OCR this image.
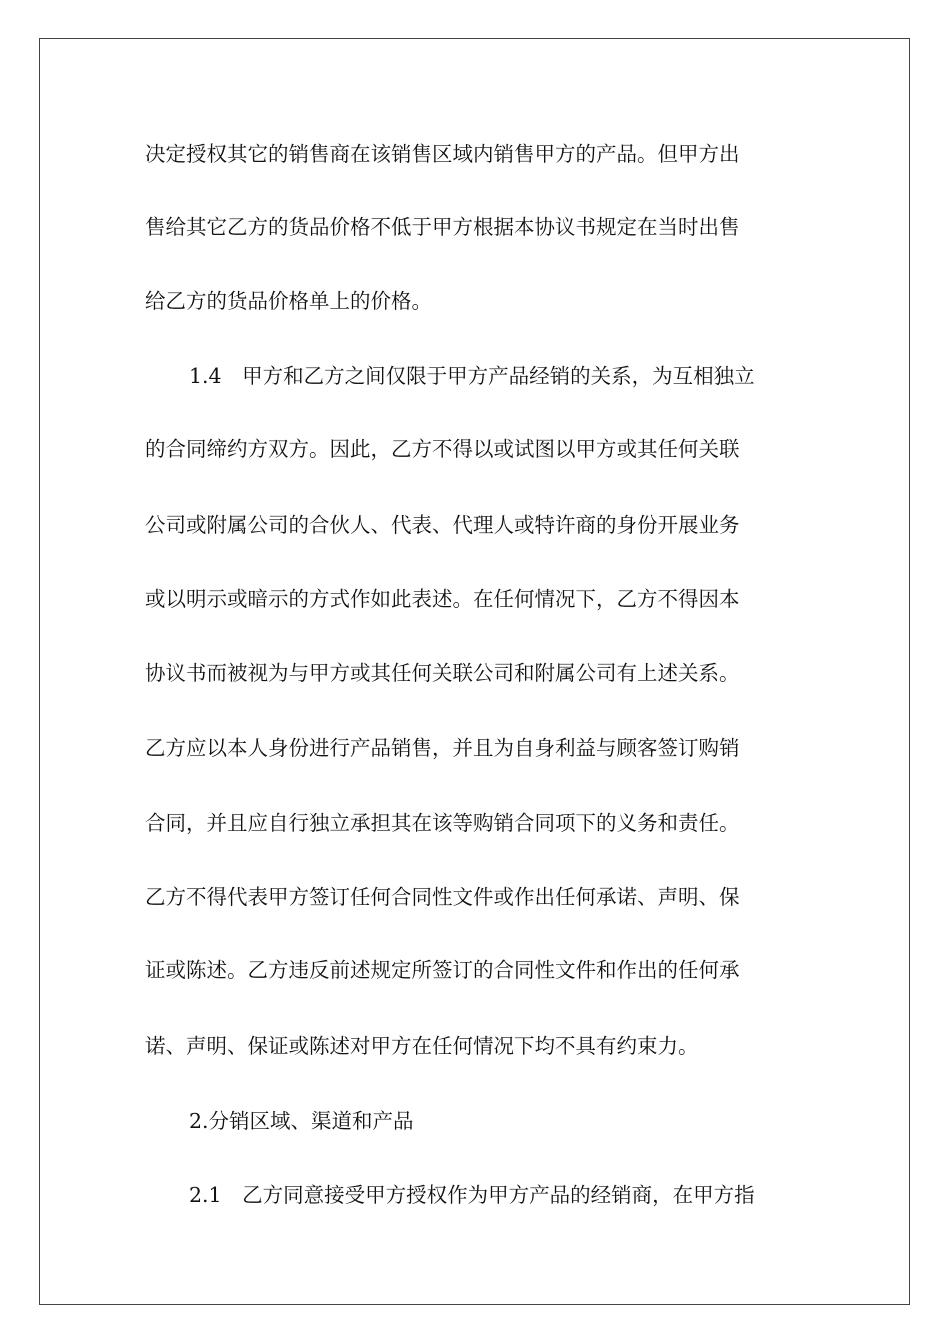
决定授权其它的销售商在该销售区域内销售甲方的产品。但甲方出
售给其它乙方的货品价格不低于甲方根据本协议书规定在当时出售
给乙方的货品价格单上的价格。
1.4　甲方和乙方之间仅限于甲方产品经销的关系，为互相独立
的合同缔约方双方。因此，乙方不得以或试图以甲方或其任何关联
公司或附属公司的合伙人、代表、代理人或特许商的身份开展业务
或以明示或暗示的方式作如此表述。在任何情况下，乙方不得因本
协议书而被视为与甲方或其任何关联公司和附属公司有上述关系。
乙方应以本人身份进行产品销售，并且为自身利益与顾客签订购销
合同，并且应自行独立承担其在该等购销合同项下的义务和责任。
乙方不得代表甲方签订任何合同性文件或作出任何承诺、声明、保
证或陈述。乙方违反前述规定所签订的合同性文件和作出的任何承
诺、声明、保证或陈述对甲方在任何情况下均不具有约束力。
2.分销区域、渠道和产品
2.1　乙方同意接受甲方授权作为甲方产品的经销商，在甲方指
